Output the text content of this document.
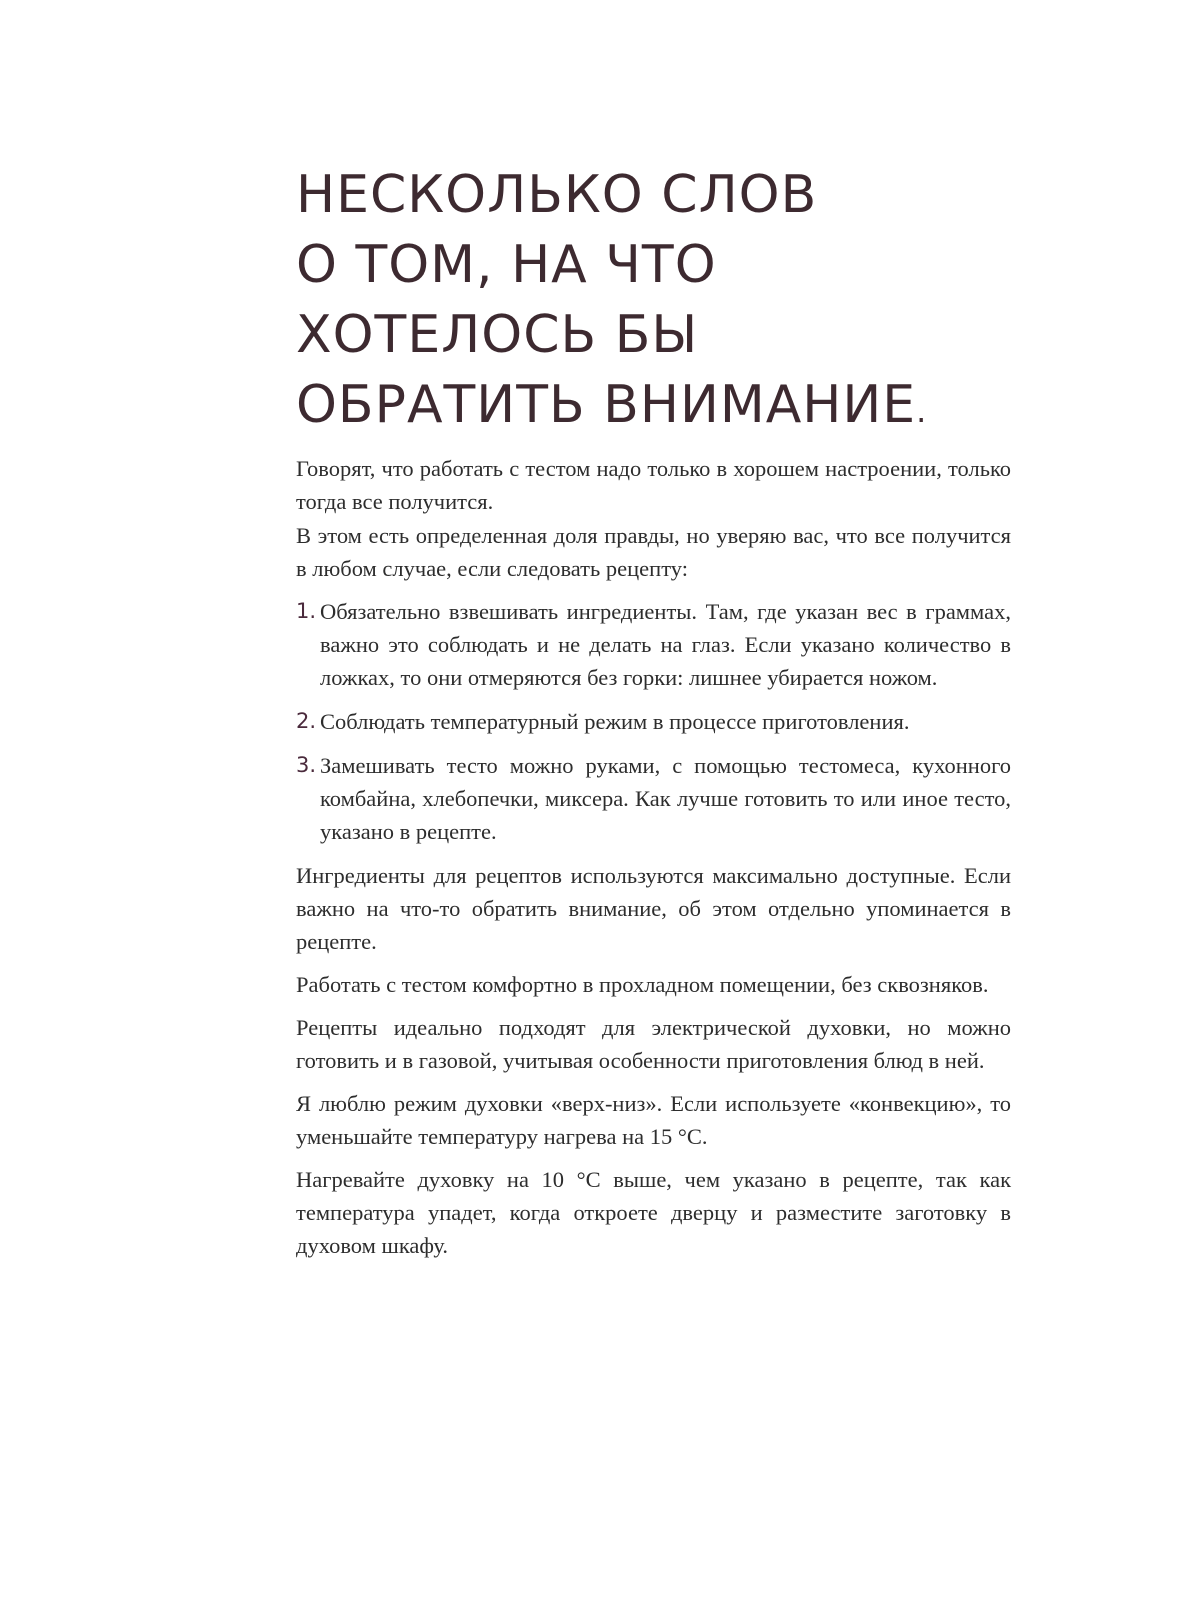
НЕСКОЛЬКО СЛОВ
О ТОМ, НА ЧТО
ХОТЕЛОСЬ БЫ
ОБРАТИТЬ ВНИМАНИЕ.

Говорят, что работать с тестом надо только в хорошем настроении, только тогда все получится.

В этом есть определенная доля правды, но уверяю вас, что все получится в любом случае, если следовать рецепту:

1. Обязательно взвешивать ингредиенты. Там, где указан вес в граммах, важно это соблюдать и не делать на глаз. Если указано количество в ложках, то они отмеряются без горки: лишнее убирается ножом.
2. Соблюдать температурный режим в процессе приготовления.
3. Замешивать тесто можно руками, с помощью тестомеса, кухонного комбайна, хлебопечки, миксера. Как лучше готовить то или иное тесто, указано в рецепте.

Ингредиенты для рецептов используются максимально доступные. Если важно на что-то обратить внимание, об этом отдельно упоминается в рецепте.

Работать с тестом комфортно в прохладном помещении, без сквозняков.

Рецепты идеально подходят для электрической духовки, но можно готовить и в газовой, учитывая особенности приготовления блюд в ней.

Я люблю режим духовки «верх-низ». Если используете «конвекцию», то уменьшайте температуру нагрева на 15 °С.

Нагревайте духовку на 10 °С выше, чем указано в рецепте, так как температура упадет, когда откроете дверцу и разместите заготовку в духовом шкафу.
